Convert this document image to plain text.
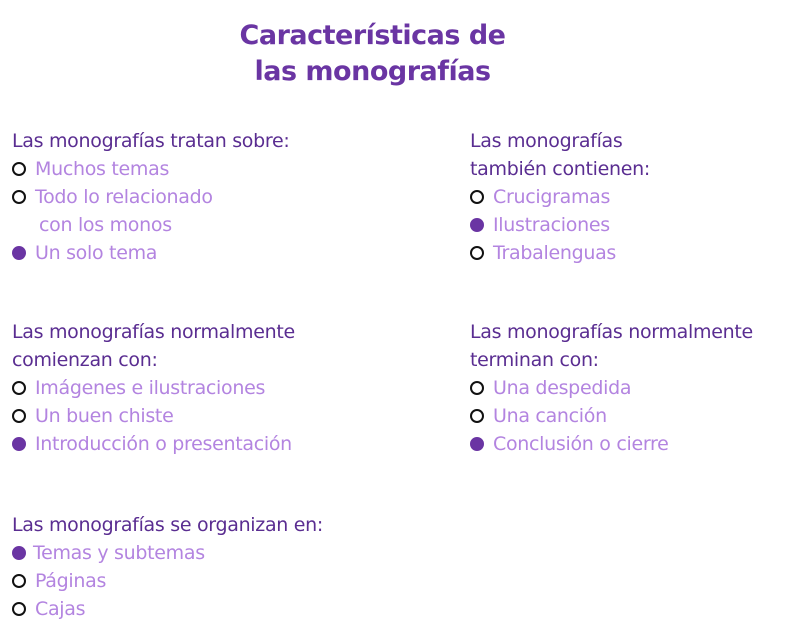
Características de
las monografías
Las monografías tratan sobre:
Muchos temas
Todo lo relacionado
con los monos
Un solo tema
Las monografías
también contienen:
Crucigramas
Ilustraciones
Trabalenguas
Las monografías normalmente
comienzan con:
Imágenes e ilustraciones
Un buen chiste
Introducción o presentación
Las monografías normalmente
terminan con:
Una despedida
Una canción
Conclusión o cierre
Las monografías se organizan en:
Temas y subtemas
Páginas
Cajas
